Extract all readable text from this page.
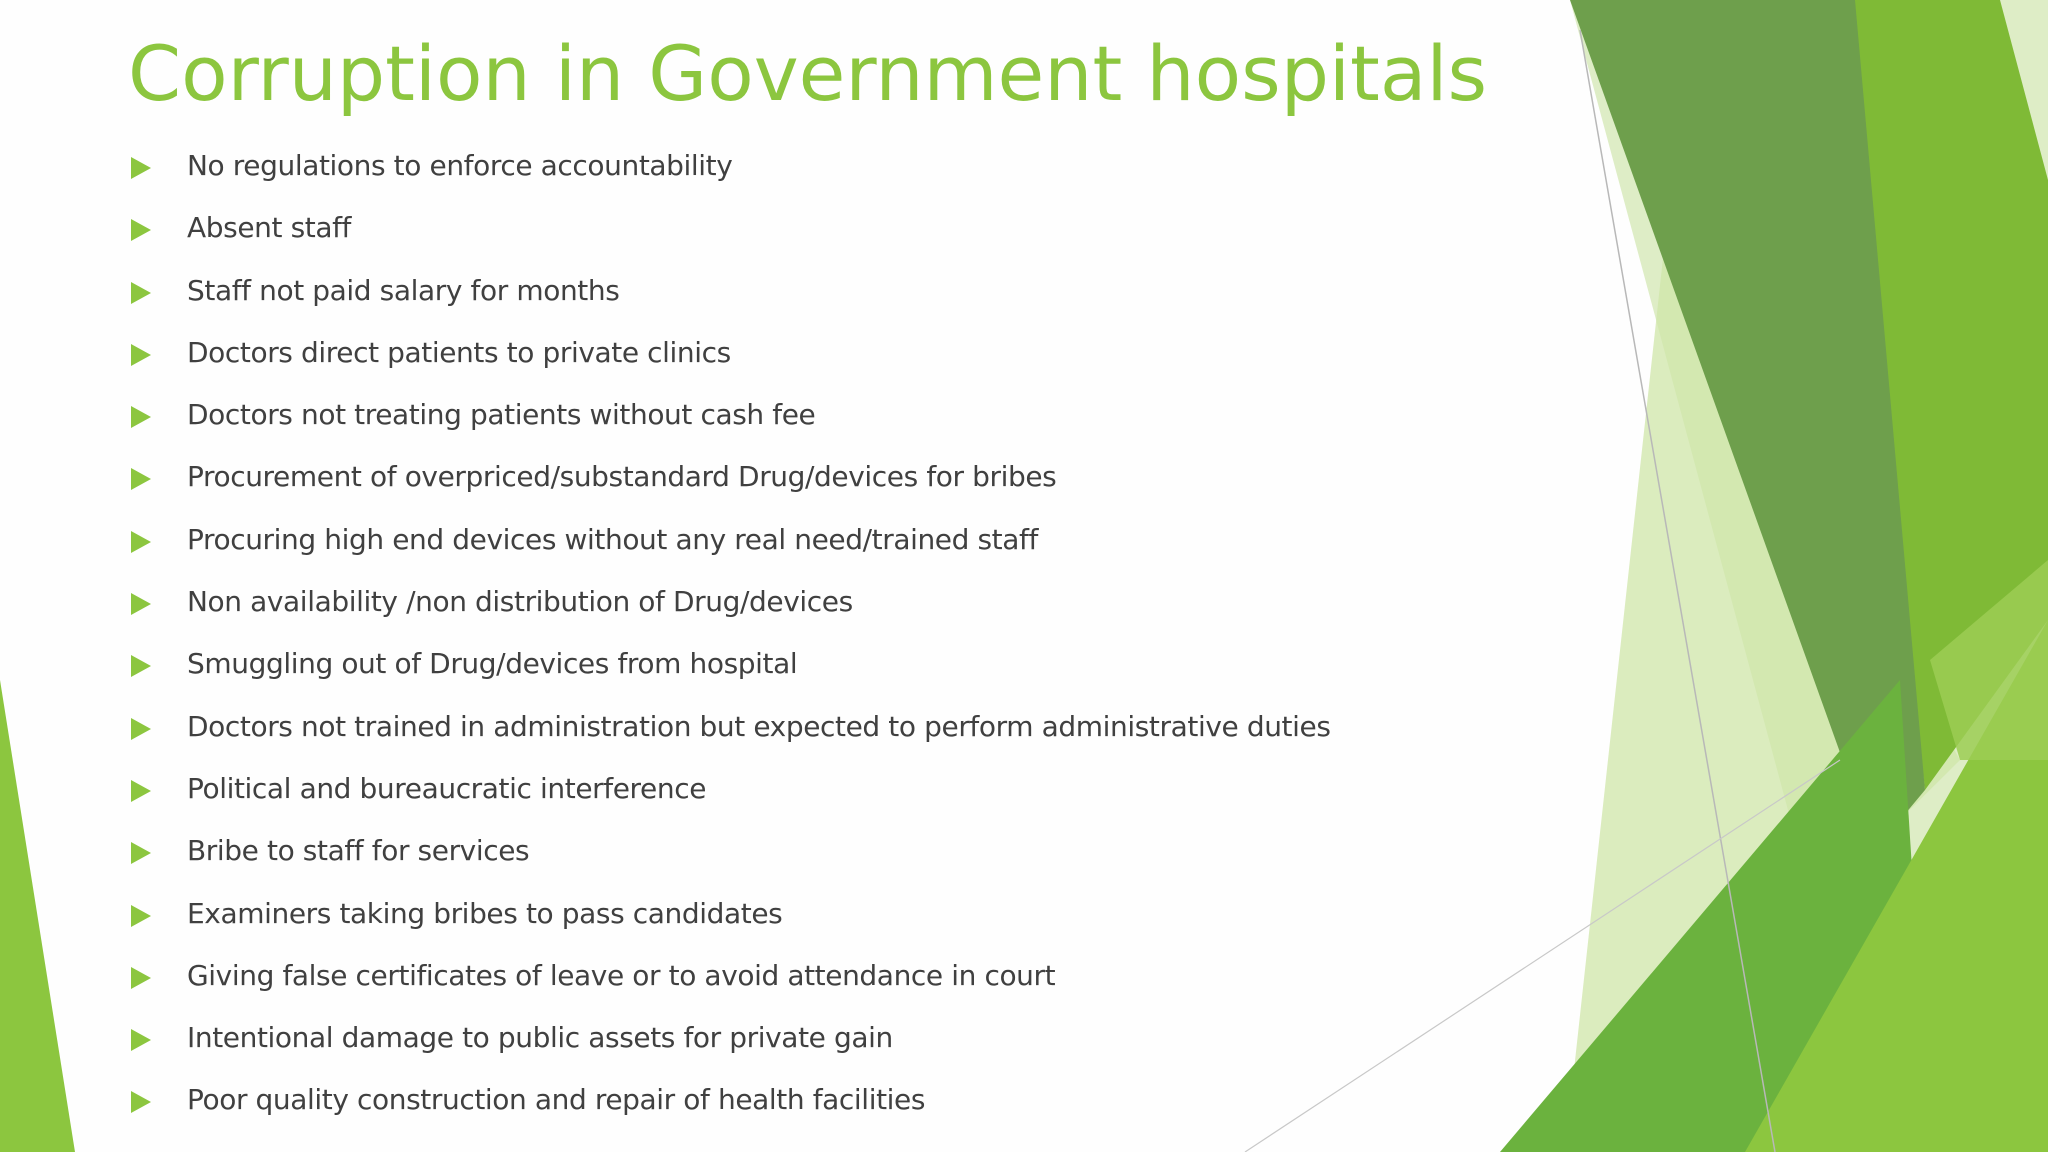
Corruption in Government hospitals
No regulations to enforce accountability
Absent staff
Staff not paid salary for months
Doctors direct patients to private clinics
Doctors not treating patients without cash fee
Procurement of overpriced/substandard Drug/devices for bribes
Procuring high end devices without any real need/trained staff
Non availability /non distribution of Drug/devices
Smuggling out of Drug/devices from hospital
Doctors not trained in administration but expected to perform administrative duties
Political and bureaucratic interference
Bribe to staff for services
Examiners taking bribes to pass candidates
Giving false certificates of leave or to avoid attendance in court
Intentional damage to public assets for private gain
Poor quality construction and repair of health facilities
